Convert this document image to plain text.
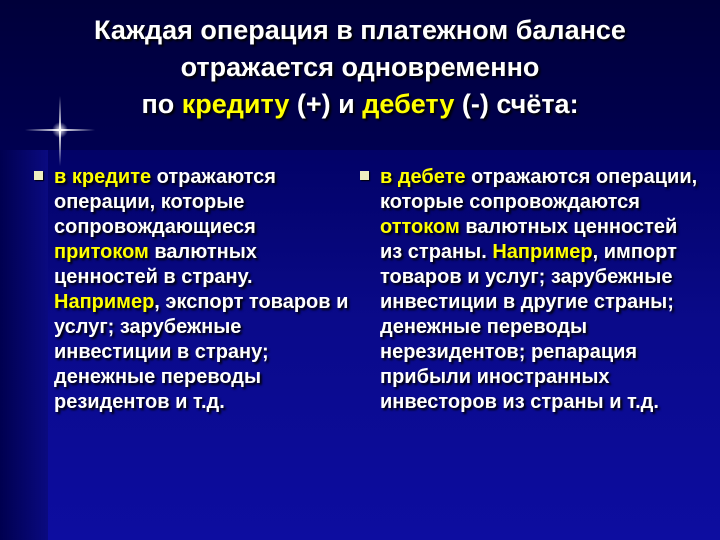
Каждая операция в платежном балансе
отражается одновременно
по кредиту (+) и дебету (-) счёта:
в кредите отражаются операции, которые сопровождающиеся притоком валютных ценностей в страну. Например, экспорт товаров и услуг; зарубежные инвестиции в страну; денежные переводы резидентов и т.д.
в дебете отражаются операции, которые сопровождаются оттоком валютных ценностей из страны. Например, импорт товаров и услуг; зарубежные инвестиции в другие страны; денежные переводы нерезидентов; репарация прибыли иностранных инвесторов из страны и т.д.
